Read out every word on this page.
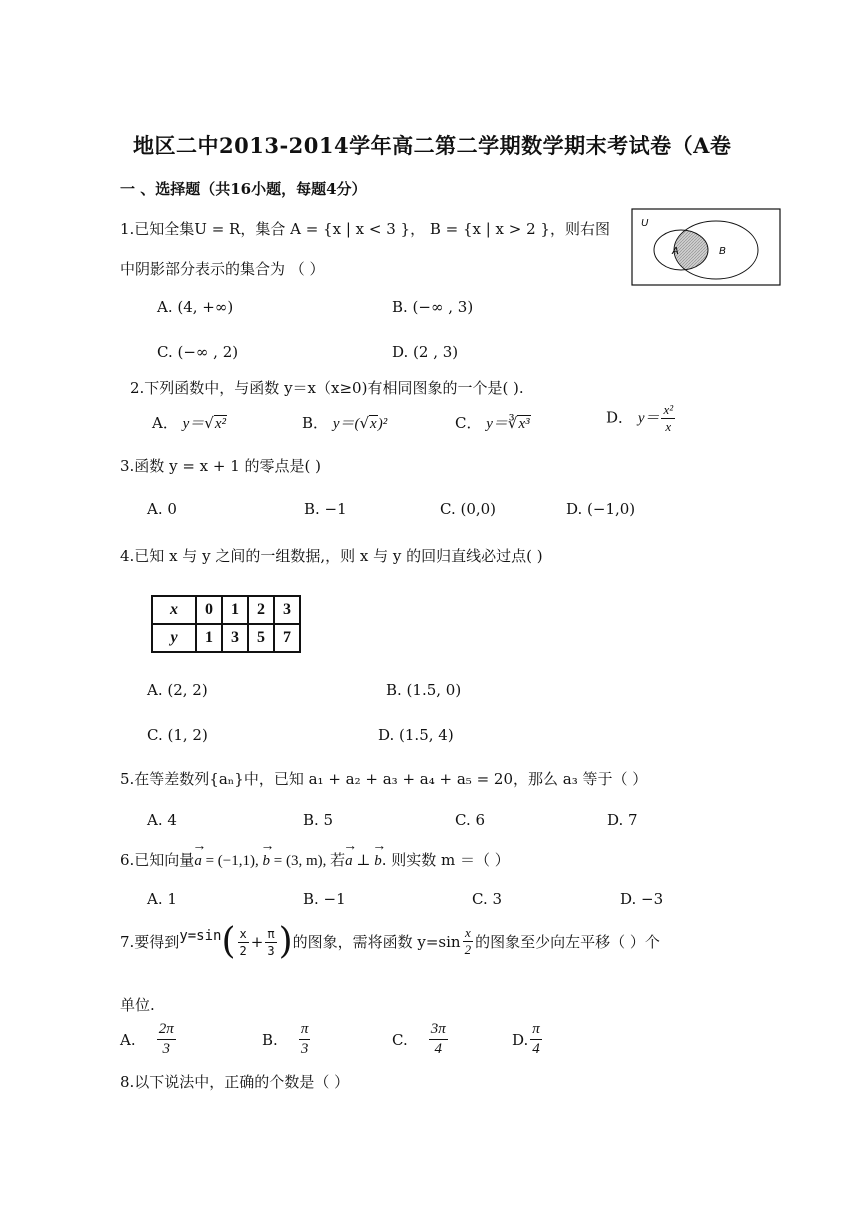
地区二中2013-2014学年高二第二学期数学期末考试卷（A卷
一 、选择题（共16小题，每题4分）
1.已知全集U = R，集合 A = {x | x < 3 }， B = {x | x > 2 }，则右图
中阴影部分表示的集合为 （ ）
U
A	B
A. (4, +∞)	B. (−∞ , 3)
C. (−∞ , 2)	D. (2 , 3)
2.下列函数中，与函数 y＝x（x≥0)有相同图象的一个是( ).
A． y＝√x²	B． y＝(√x)²	C． y＝∛x³	D． $y= \frac{\text{x²}}{x}$
3.函数 y = x + 1 的零点是( )
A. 0	B. −1	C. (0,0)	D. (−1,0)
4.已知 x 与 y 之间的一组数据,，则 x 与 y 的回归直线必过点( )
x	0	1	2	3
y	1	3	5	7
A. (2, 2)	B. (1.5, 0)
C. (1, 2)	D. (1.5, 4)
5.在等差数列{aₙ}中，已知 a₁ + a₂ + a₃ + a₄ + a₅ = 20，那么 a₃ 等于（ ）
A. 4	B. 5	C. 6	D. 7
6.已知向量→ a = (−1,1), → b = (3, m), 若→ a ⊥ → b. 则实数 m ＝（ ）
A. 1	B. −1	C. 3	D. −3
7.要得到 y=sin ( $\frac{x}{2} + \frac{\pi}{3}$ ) 的图象，需将函数 $y=\sin \frac{x}{2}$ 的图象至少向左平移（ ）个
单位.
A.
$\frac{2\pi}{3}$	B.
$\frac{\pi}{3}$	C.
$\frac{3\pi}{4}$	D. $\frac{\pi}{4}$
8.以下说法中，正确的个数是（ ）
